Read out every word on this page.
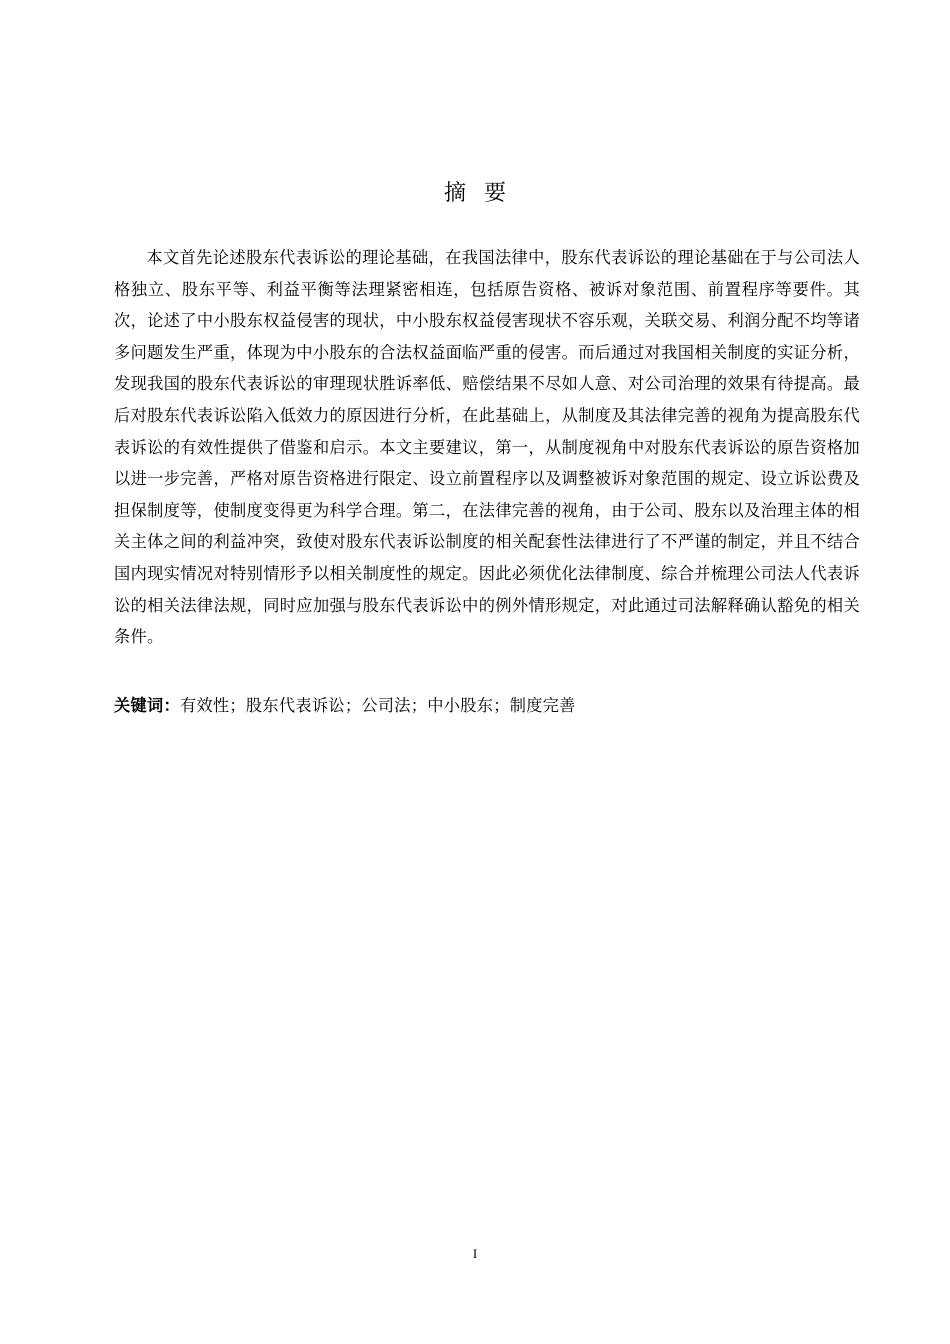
摘要

本文首先论述股东代表诉讼的理论基础，在我国法律中，股东代表诉讼的理论基础在于与公司法人格独立、股东平等、利益平衡等法理紧密相连，包括原告资格、被诉对象范围、前置程序等要件。其次，论述了中小股东权益侵害的现状，中小股东权益侵害现状不容乐观，关联交易、利润分配不均等诸多问题发生严重，体现为中小股东的合法权益面临严重的侵害。而后通过对我国相关制度的实证分析，发现我国的股东代表诉讼的审理现状胜诉率低、赔偿结果不尽如人意、对公司治理的效果有待提高。最后对股东代表诉讼陷入低效力的原因进行分析，在此基础上，从制度及其法律完善的视角为提高股东代表诉讼的有效性提供了借鉴和启示。本文主要建议，第一，从制度视角中对股东代表诉讼的原告资格加以进一步完善，严格对原告资格进行限定、设立前置程序以及调整被诉对象范围的规定、设立诉讼费及担保制度等，使制度变得更为科学合理。第二，在法律完善的视角，由于公司、股东以及治理主体的相关主体之间的利益冲突，致使对股东代表诉讼制度的相关配套性法律进行了不严谨的制定，并且不结合国内现实情况对特别情形予以相关制度性的规定。因此必须优化法律制度、综合并梳理公司法人代表诉讼的相关法律法规，同时应加强与股东代表诉讼中的例外情形规定，对此通过司法解释确认豁免的相关条件。

关键词：有效性；股东代表诉讼；公司法；中小股东；制度完善

I
